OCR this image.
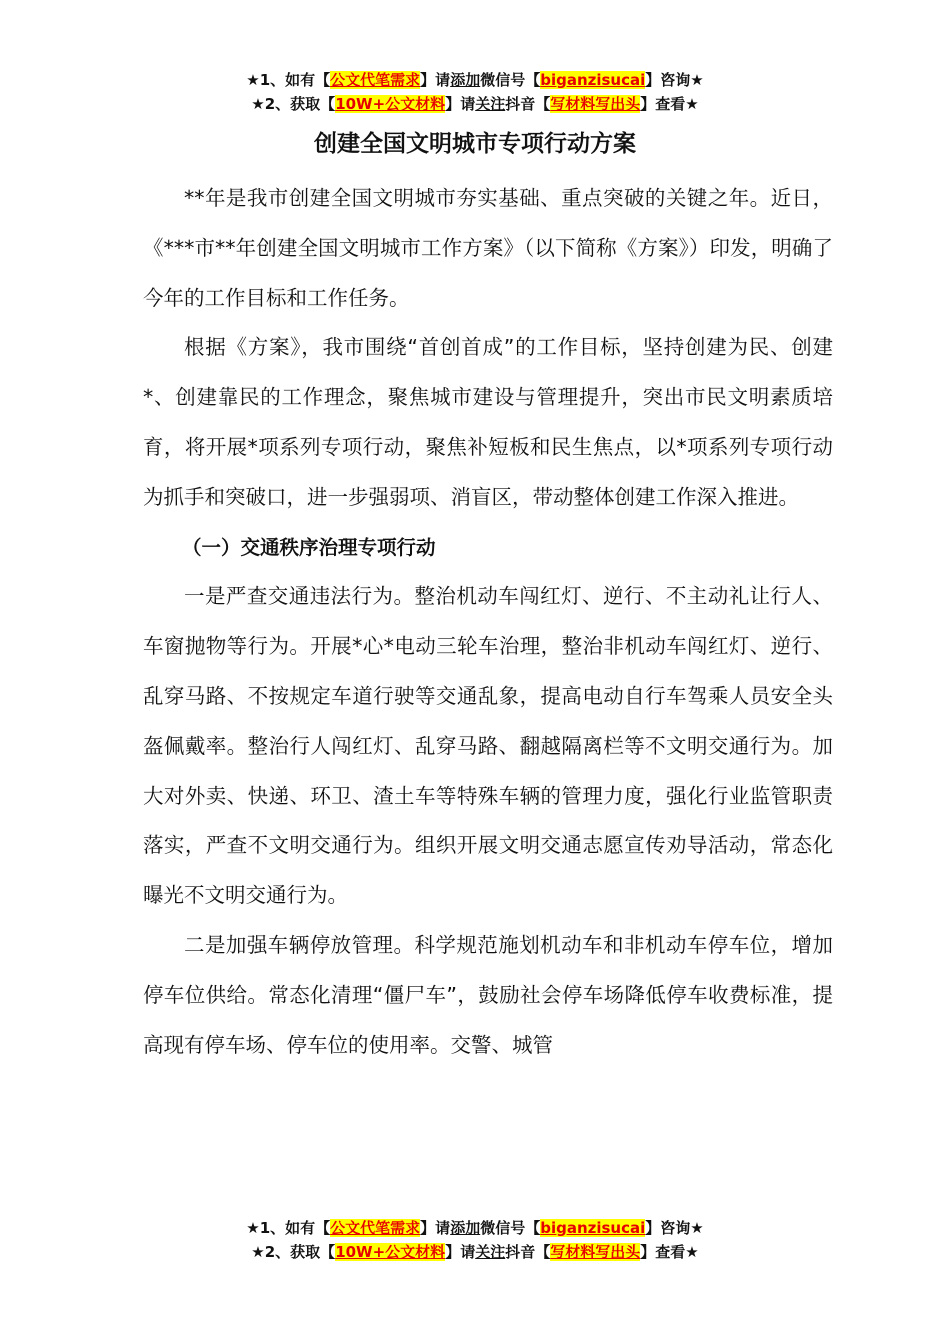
★1、如有【公文代笔需求】请添加微信号【biganzisucai】咨询★
★2、获取【10W+公文材料】请关注抖音【写材料写出头】查看★
创建全国文明城市专项行动方案

**年是我市创建全国文明城市夯实基础、重点突破的关键之年。近日，《***市**年创建全国文明城市工作方案》（以下简称《方案》）印发，明确了今年的工作目标和工作任务。

根据《方案》，我市围绕“首创首成”的工作目标，坚持创建为民、创建*、创建靠民的工作理念，聚焦城市建设与管理提升，突出市民文明素质培育，将开展*项系列专项行动，聚焦补短板和民生焦点，以*项系列专项行动为抓手和突破口，进一步强弱项、消盲区，带动整体创建工作深入推进。

（一）交通秩序治理专项行动

一是严查交通违法行为。整治机动车闯红灯、逆行、不主动礼让行人、车窗抛物等行为。开展*心*电动三轮车治理，整治非机动车闯红灯、逆行、乱穿马路、不按规定车道行驶等交通乱象，提高电动自行车驾乘人员安全头盔佩戴率。整治行人闯红灯、乱穿马路、翻越隔离栏等不文明交通行为。加大对外卖、快递、环卫、渣土车等特殊车辆的管理力度，强化行业监管职责落实，严查不文明交通行为。组织开展文明交通志愿宣传劝导活动，常态化曝光不文明交通行为。

二是加强车辆停放管理。科学规范施划机动车和非机动车停车位，增加停车位供给。常态化清理“僵尸车”，鼓励社会停车场降低停车收费标准，提高现有停车场、停车位的使用率。交警、城管

★1、如有【公文代笔需求】请添加微信号【biganzisucai】咨询★
★2、获取【10W+公文材料】请关注抖音【写材料写出头】查看★
